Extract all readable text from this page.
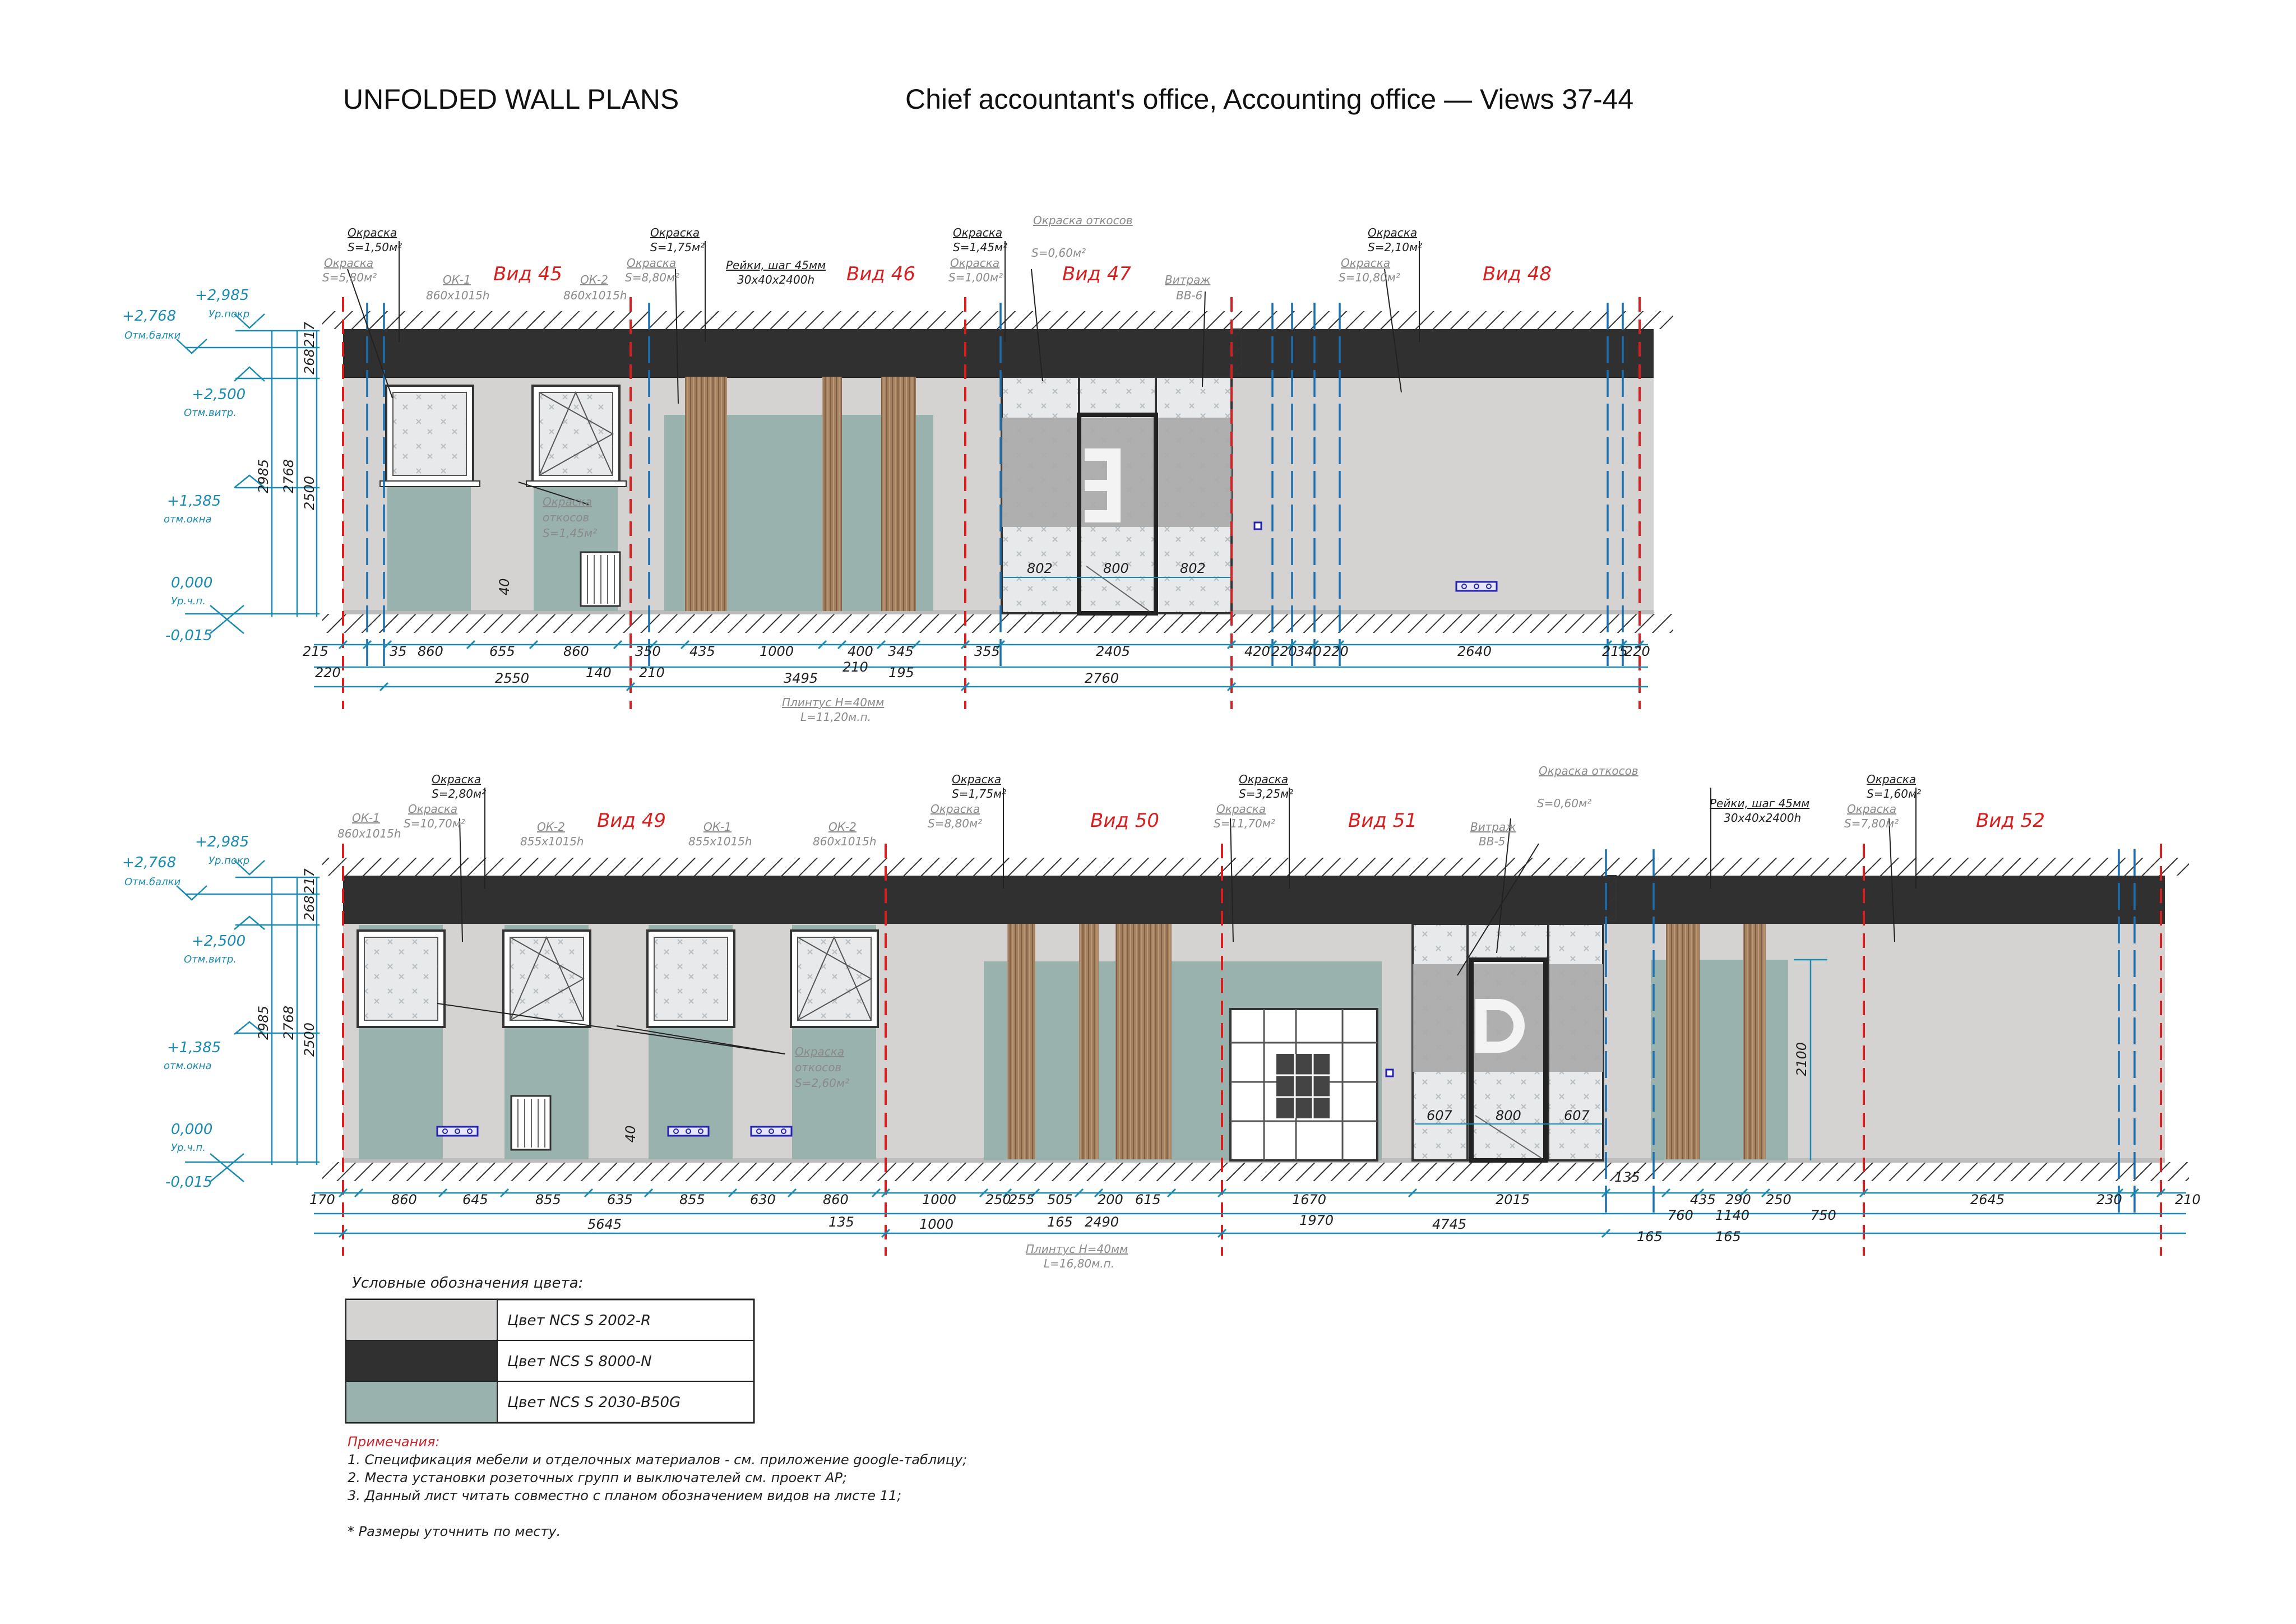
UNFOLDED WALL PLANS	Chief accountant's office, Accounting office — Views 37-44
Вид 45	Вид 46	Вид 47	Вид 48
Вид 49	Вид 50	Вид 51	Вид 52
Окраска
S=1,50м²
Окраска
S=1,75м²
Рейки, шаг 45мм
30x40x2400h
Окраска
S=1,45м²
Окраска
S=2,10м²
Окраска
S=5,80м²	ОК-1
860x1015h
ОК-2
860x1015h
Окраска
S=8,80м²
Окраска
S=1,00м²
Окраска откосов
S=0,60м²
Витраж
ВВ-6
Окраска
S=10,80м²
Окраска
откосов
S=1,45м²
Окраска
S=2,80м²
Окраска
S=1,75м²
Окраска
S=3,25м²
Рейки, шаг 45мм
30x40x2400h
Окраска
S=1,60м²
ОК-1
860x1015h
Окраска
S=10,70м²	ОК-2
855x1015h
ОК-1
855x1015h
ОК-2
860x1015h
Окраска
S=8,80м²
Окраска
S=11,70м²
Окраска откосов
S=0,60м²
Витраж
ВВ-5
Окраска
S=7,80м²
Окраска
откосов
S=2,60м²
+2,985
+2,768
+2,500
+1,385
0,000
-0,015
+2,985
+2,768
+2,500
+1,385
0,000
-0,015
Ур.покр
Отм.балки
Отм.витр.
отм.окна
Ур.ч.п.
Ур.покр
Отм.балки
Отм.витр.
отм.окна
Ур.ч.п.
2985 2768 2500
268
217
2985 2768 2500
268
217
40
40
2100
802	800	802
607	800	607
215	35 860	655	860	350 435	1000	400 345	355	2405	420 220
340 220	2640	215
220
220	140 210	210 195
2550	3495	2760
Плинтус H=40мм
L=11,20м.п.
Плинтус H=40мм
L=16,80м.п.
170	860	645	855	635	855	630	860	1000 250
255 505 200 615	1670	2015	435 290 250	2645	230	210
135	165 2490	1970
135
760 1140	750
165	165
5645	1000	4745
Условные обозначения цвета:
Цвет NCS S 2002-R
Цвет NCS S 8000-N
Цвет NCS S 2030-B50G
Примечания:
1. Спецификация мебели и отделочных материалов - см. приложение google-таблицу;
2. Места установки розеточных групп и выключателей см. проект АР;
3. Данный лист читать совместно с планом обозначением видов на листе 11;
* Размеры уточнить по месту.
